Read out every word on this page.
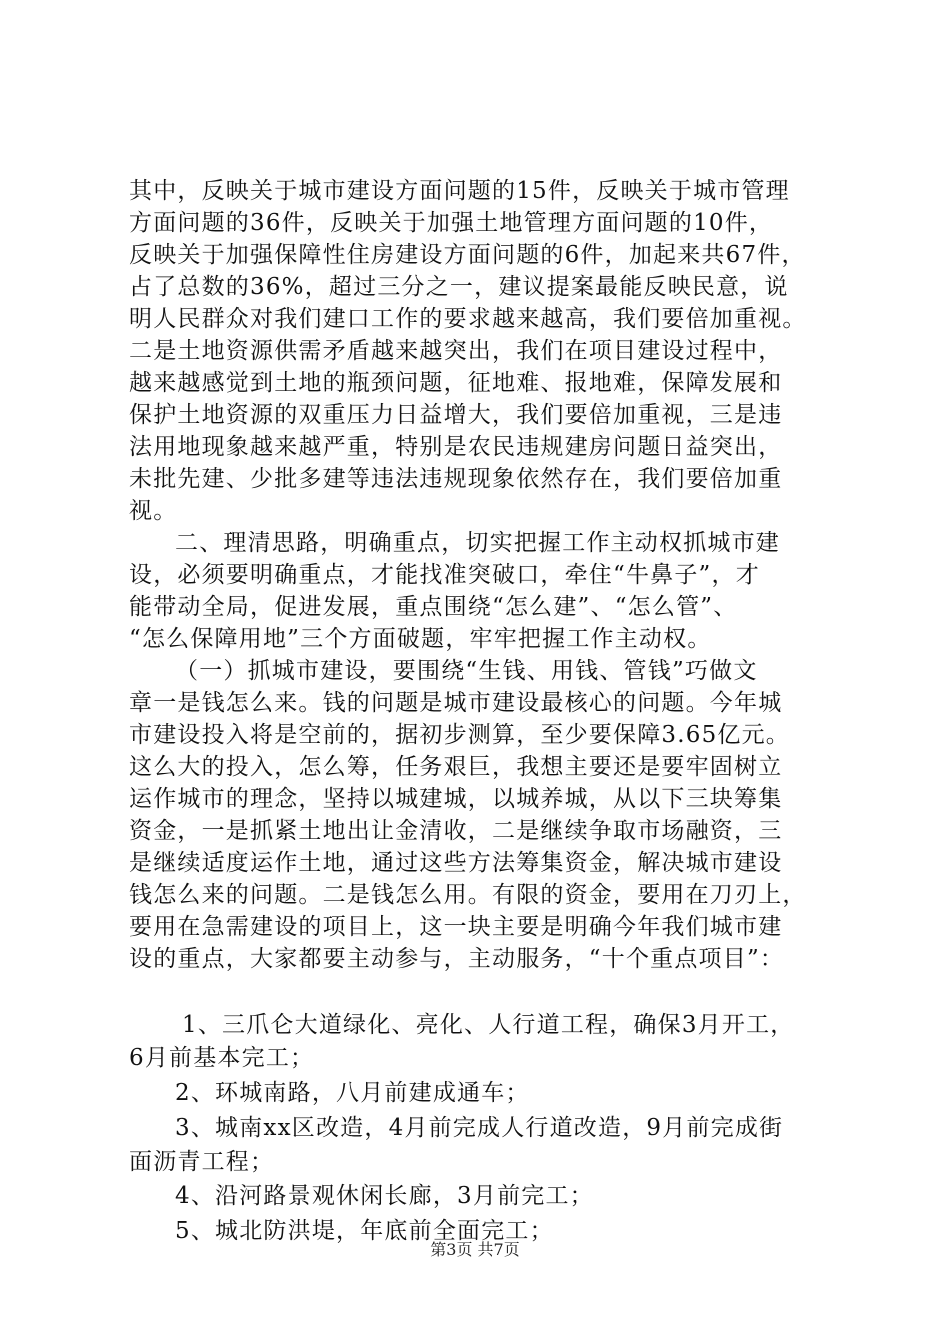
其中，反映关于城市建设方面问题的15件，反映关于城市管理
方面问题的36件，反映关于加强土地管理方面问题的10件，
反映关于加强保障性住房建设方面问题的6件，加起来共67件，
占了总数的36%，超过三分之一，建议提案最能反映民意，说
明人民群众对我们建口工作的要求越来越高，我们要倍加重视。
二是土地资源供需矛盾越来越突出，我们在项目建设过程中，
越来越感觉到土地的瓶颈问题，征地难、报地难，保障发展和
保护土地资源的双重压力日益增大，我们要倍加重视，三是违
法用地现象越来越严重，特别是农民违规建房问题日益突出，
未批先建、少批多建等违法违规现象依然存在，我们要倍加重
视。
二、理清思路，明确重点，切实把握工作主动权抓城市建
设，必须要明确重点，才能找准突破口，牵住“牛鼻子”，才
能带动全局，促进发展，重点围绕“怎么建”、“怎么管”、
“怎么保障用地”三个方面破题，牢牢把握工作主动权。
（一）抓城市建设，要围绕“生钱、用钱、管钱”巧做文
章一是钱怎么来。钱的问题是城市建设最核心的问题。今年城
市建设投入将是空前的，据初步测算，至少要保障3.65亿元。
这么大的投入，怎么筹，任务艰巨，我想主要还是要牢固树立
运作城市的理念，坚持以城建城，以城养城，从以下三块筹集
资金，一是抓紧土地出让金清收，二是继续争取市场融资，三
是继续适度运作土地，通过这些方法筹集资金，解决城市建设
钱怎么来的问题。二是钱怎么用。有限的资金，要用在刀刃上，
要用在急需建设的项目上，这一块主要是明确今年我们城市建
设的重点，大家都要主动参与，主动服务，“十个重点项目”：
1、三爪仑大道绿化、亮化、人行道工程，确保3月开工，
6月前基本完工；
2、环城南路，八月前建成通车；
3、城南xx区改造，4月前完成人行道改造，9月前完成街
面沥青工程；
4、沿河路景观休闲长廊，3月前完工；
5、城北防洪堤，年底前全面完工；
第3页 共7页
